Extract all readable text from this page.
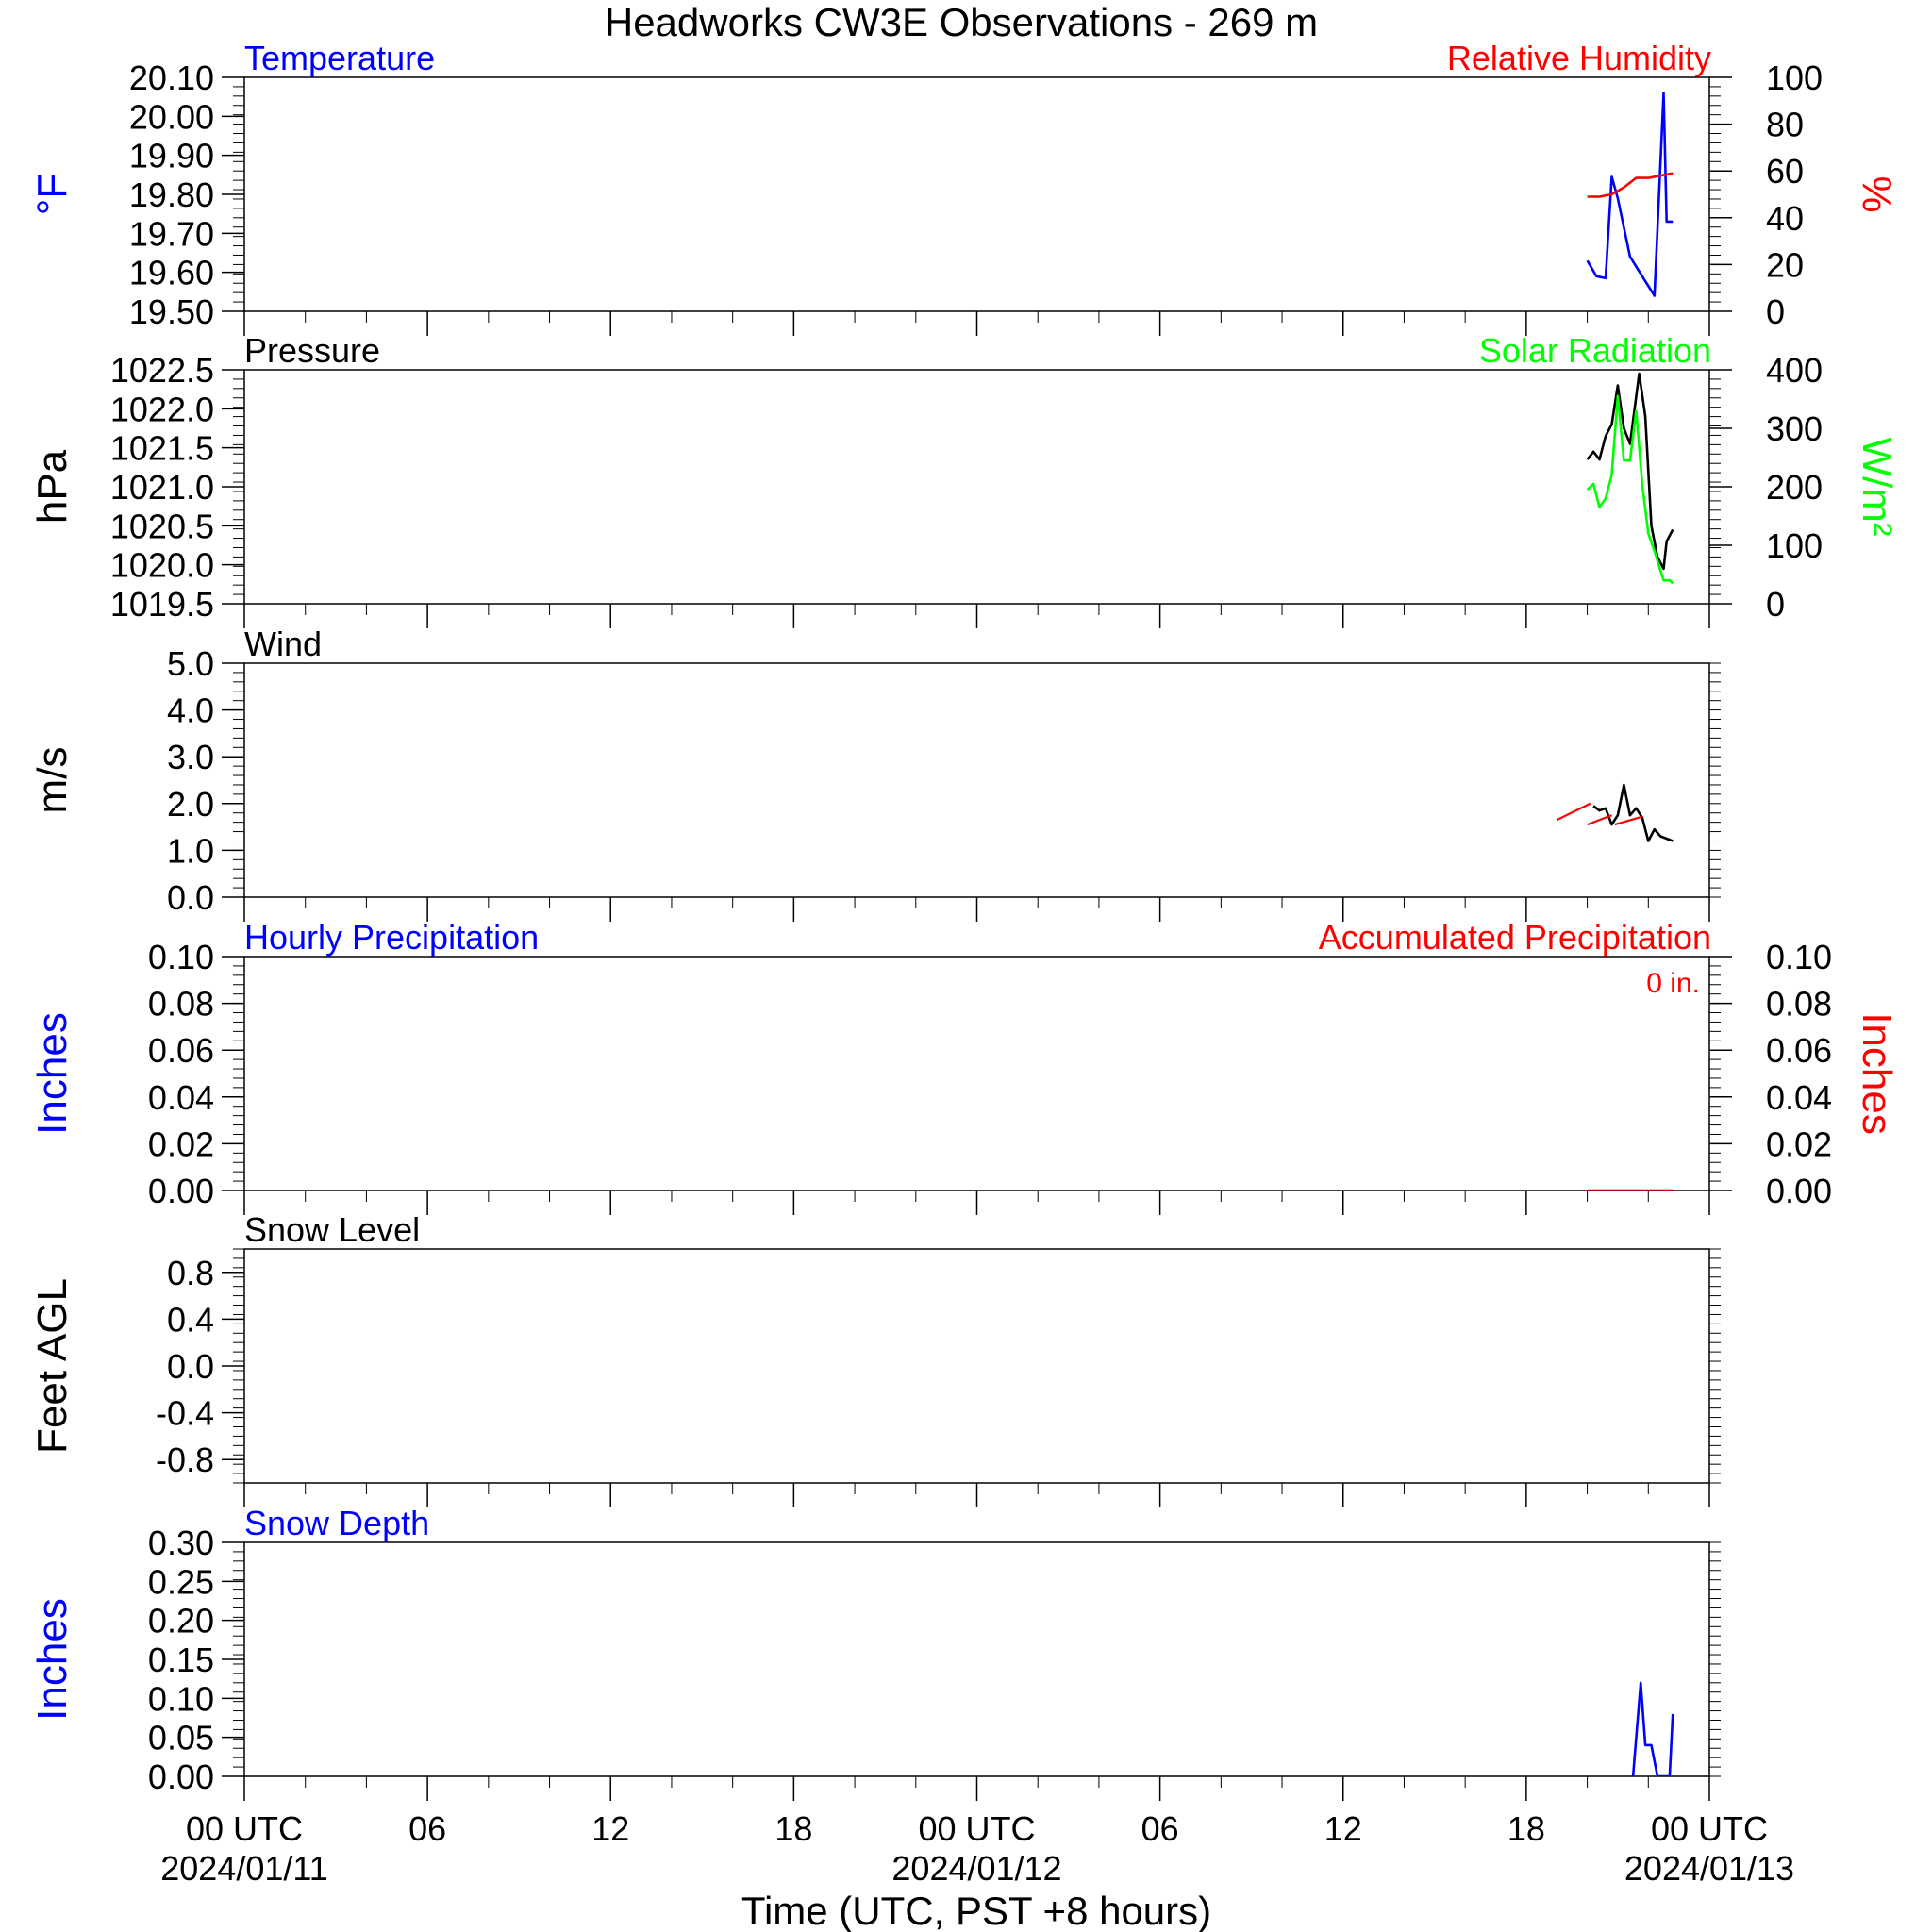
Headworks CW3E Observations - 269 m
Temperature	Relative Humidity
19.50
19.60
19.70
19.80
19.90
20.00
20.10
°F
0
20
40
60
80
100
%
Pressure	Solar Radiation
1019.5
1020.0
1020.5
1021.0
1021.5
1022.0
1022.5
hPa
0
100
200
300
400
W/m²
Wind
0.0
1.0
2.0
3.0
4.0
5.0
m/s
Hourly Precipitation	Accumulated Precipitation
0 in.
0.00
0.02
0.04
0.06
0.08
0.10
Inches
0.00
0.02
0.04
0.06
0.08
0.10
Inches
Snow Level
-0.8
-0.4
0.0
0.4
0.8
Feet AGL
Snow Depth
0.00
0.05
0.10
0.15
0.20
0.25
0.30
Inches
00 UTC
2024/01/11
06	12	18	00 UTC
2024/01/12
06	12	18	00 UTC
2024/01/13
Time (UTC, PST +8 hours)
